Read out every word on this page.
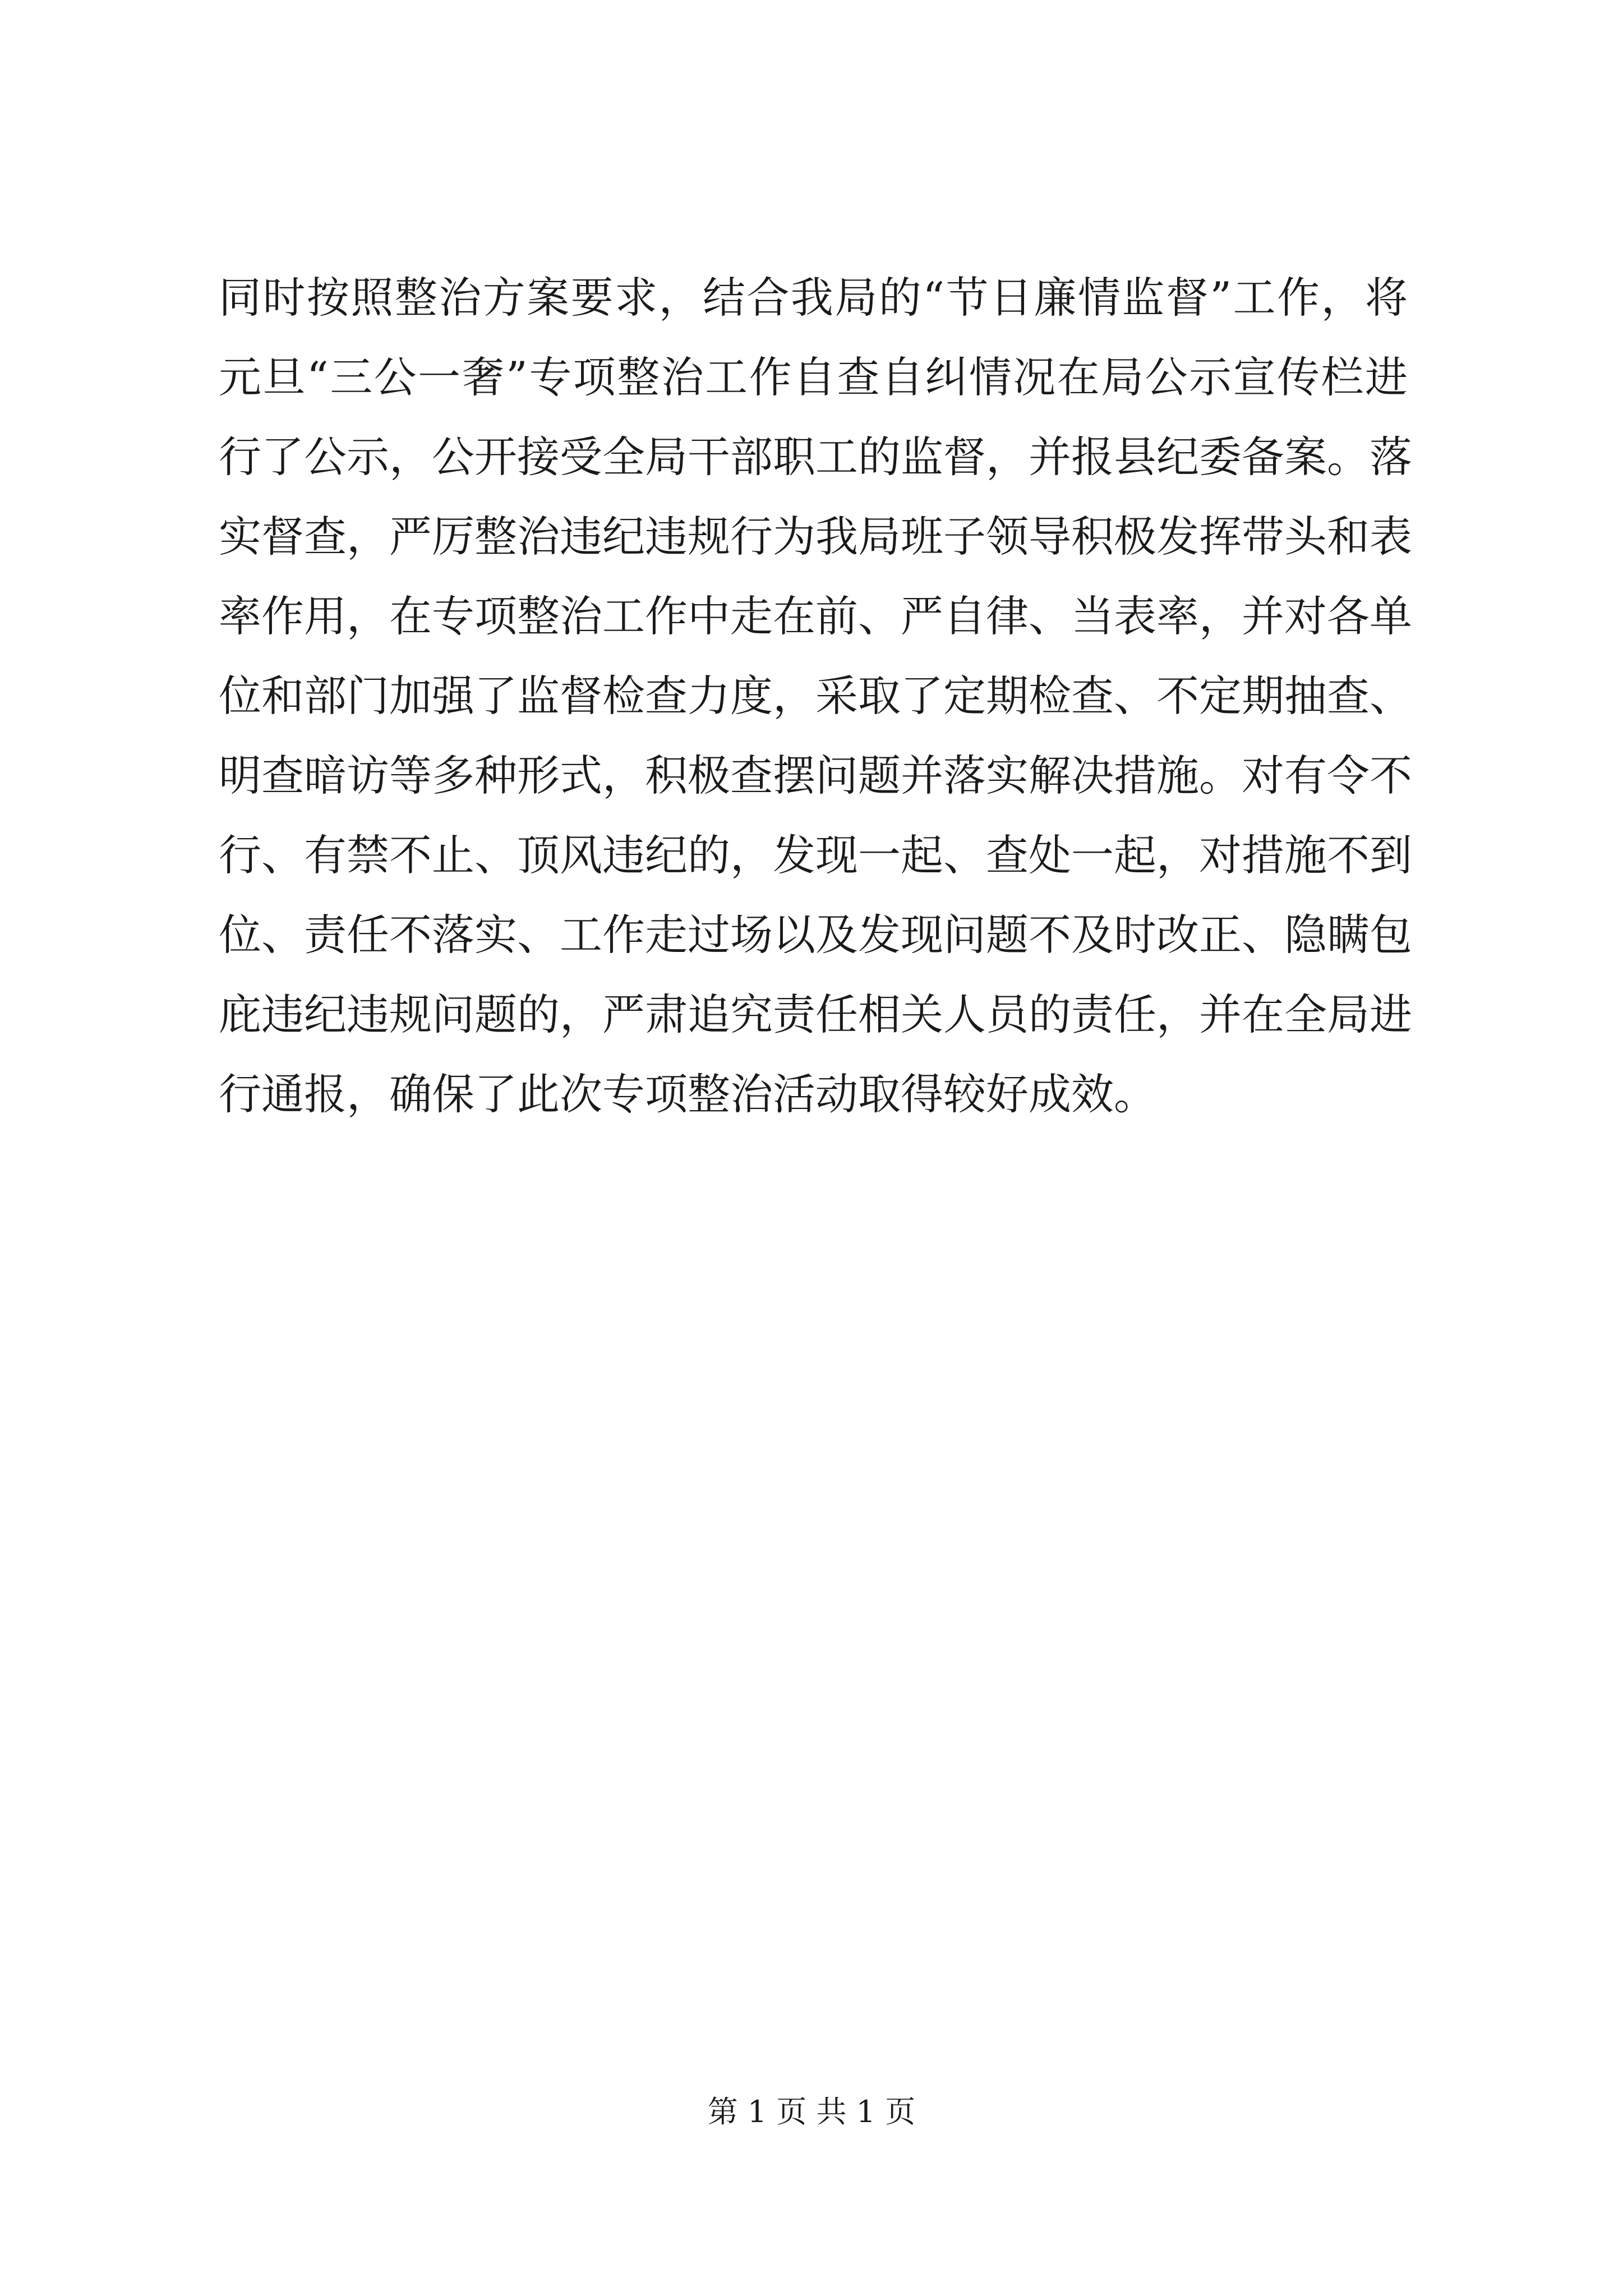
同时按照整治方案要求，结合我局的“节日廉情监督”工作，将
元旦“三公一奢”专项整治工作自查自纠情况在局公示宣传栏进
行了公示，公开接受全局干部职工的监督，并报县纪委备案。落
实督查，严厉整治违纪违规行为我局班子领导积极发挥带头和表
率作用，在专项整治工作中走在前、严自律、当表率，并对各单
位和部门加强了监督检查力度，采取了定期检查、不定期抽查、
明查暗访等多种形式，积极查摆问题并落实解决措施。对有令不
行、有禁不止、顶风违纪的，发现一起、查处一起，对措施不到
位、责任不落实、工作走过场以及发现问题不及时改正、隐瞒包
庇违纪违规问题的，严肃追究责任相关人员的责任，并在全局进
行通报，确保了此次专项整治活动取得较好成效。
第 1 页 共 1 页
